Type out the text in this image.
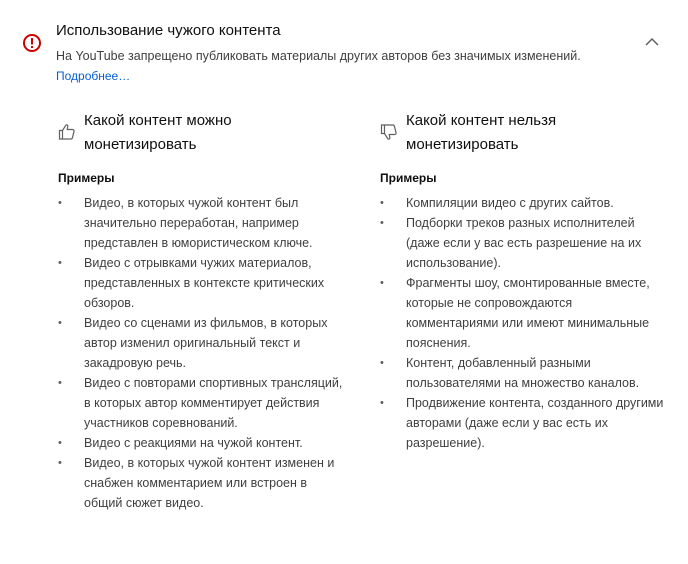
Использование чужого контента
На YouTube запрещено публиковать материалы других авторов без значимых изменений.
Подробнее…
Какой контент можно монетизировать
Примеры
• Видео, в которых чужой контент был значительно переработан, например представлен в юмористическом ключе.
• Видео с отрывками чужих материалов, представленных в контексте критических обзоров.
• Видео со сценами из фильмов, в которых автор изменил оригинальный текст и закадровую речь.
• Видео с повторами спортивных трансляций, в которых автор комментирует действия участников соревнований.
• Видео с реакциями на чужой контент.
• Видео, в которых чужой контент изменен и снабжен комментарием или встроен в общий сюжет видео.
Какой контент нельзя монетизировать
Примеры
• Компиляции видео с других сайтов.
• Подборки треков разных исполнителей (даже если у вас есть разрешение на их использование).
• Фрагменты шоу, смонтированные вместе, которые не сопровождаются комментариями или имеют минимальные пояснения.
• Контент, добавленный разными пользователями на множество каналов.
• Продвижение контента, созданного другими авторами (даже если у вас есть их разрешение).
